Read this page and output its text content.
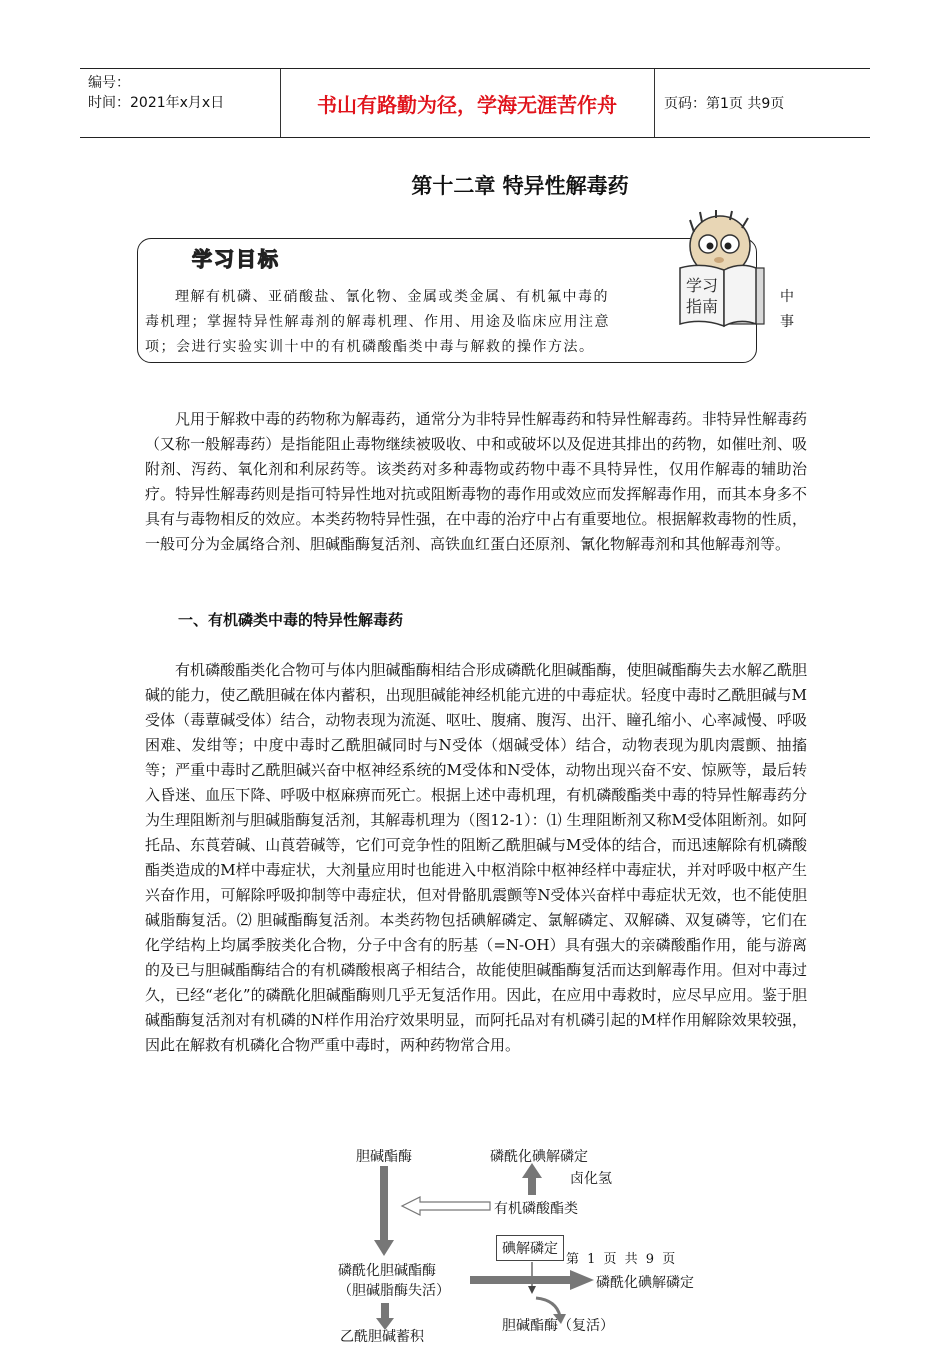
编号：
时间：2021年x月x日	书山有路勤为径，学海无涯苦作舟	页码：第1页 共9页
第十二章 特异性解毒药
学习目标
理解有机磷、亚硝酸盐、氰化物、金属或类金属、有机氟中毒的
毒机理；掌握特异性解毒剂的解毒机理、作用、用途及临床应用注意
项；会进行实验实训十中的有机磷酸酯类中毒与解救的操作方法。
中
事
学习
指南

凡用于解救中毒的药物称为解毒药，通常分为非特异性解毒药和特异性解毒药。非特异性解毒药（又称一般解毒药）是指能阻止毒物继续被吸收、中和或破坏以及促进其排出的药物，如催吐剂、吸附剂、泻药、氧化剂和利尿药等。该类药对多种毒物或药物中毒不具特异性，仅用作解毒的辅助治疗。特异性解毒药则是指可特异性地对抗或阻断毒物的毒作用或效应而发挥解毒作用，而其本身多不具有与毒物相反的效应。本类药物特异性强，在中毒的治疗中占有重要地位。根据解救毒物的性质，一般可分为金属络合剂、胆碱酯酶复活剂、高铁血红蛋白还原剂、氰化物解毒剂和其他解毒剂等。

一、有机磷类中毒的特异性解毒药

有机磷酸酯类化合物可与体内胆碱酯酶相结合形成磷酰化胆碱酯酶，使胆碱酯酶失去水解乙酰胆碱的能力，使乙酰胆碱在体内蓄积，出现胆碱能神经机能亢进的中毒症状。轻度中毒时乙酰胆碱与M受体（毒蕈碱受体）结合，动物表现为流涎、呕吐、腹痛、腹泻、出汗、瞳孔缩小、心率减慢、呼吸困难、发绀等；中度中毒时乙酰胆碱同时与N受体（烟碱受体）结合，动物表现为肌肉震颤、抽搐等；严重中毒时乙酰胆碱兴奋中枢神经系统的M受体和N受体，动物出现兴奋不安、惊厥等，最后转入昏迷、血压下降、呼吸中枢麻痹而死亡。根据上述中毒机理，有机磷酸酯类中毒的特异性解毒药分为生理阻断剂与胆碱脂酶复活剂，其解毒机理为（图12-1）：⑴ 生理阻断剂又称M受体阻断剂。如阿托品、东莨菪碱、山莨菪碱等，它们可竞争性的阻断乙酰胆碱与M受体的结合，而迅速解除有机磷酸酯类造成的M样中毒症状，大剂量应用时也能进入中枢消除中枢神经样中毒症状，并对呼吸中枢产生兴奋作用，可解除呼吸抑制等中毒症状，但对骨骼肌震颤等N受体兴奋样中毒症状无效，也不能使胆碱脂酶复活。⑵ 胆碱酯酶复活剂。本类药物包括碘解磷定、氯解磷定、双解磷、双复磷等，它们在化学结构上均属季胺类化合物，分子中含有的肟基（=N-OH）具有强大的亲磷酸酯作用，能与游离的及已与胆碱酯酶结合的有机磷酸根离子相结合，故能使胆碱酯酶复活而达到解毒作用。但对中毒过久，已经“老化”的磷酰化胆碱酯酶则几乎无复活作用。因此，在应用中毒救时，应尽早应用。鉴于胆碱酯酶复活剂对有机磷的N样作用治疗效果明显，而阿托品对有机磷引起的M样作用解除效果较强，因此在解救有机磷化合物严重中毒时，两种药物常合用。

胆碱酯酶	磷酰化碘解磷定
卤化氢
有机磷酸酯类
碘解磷定
磷酰化胆碱酯酶
（胆碱脂酶失活）	磷酰化碘解磷定
乙酰胆碱蓄积
胆碱酯酶（复活）
第 1 页 共 9 页
